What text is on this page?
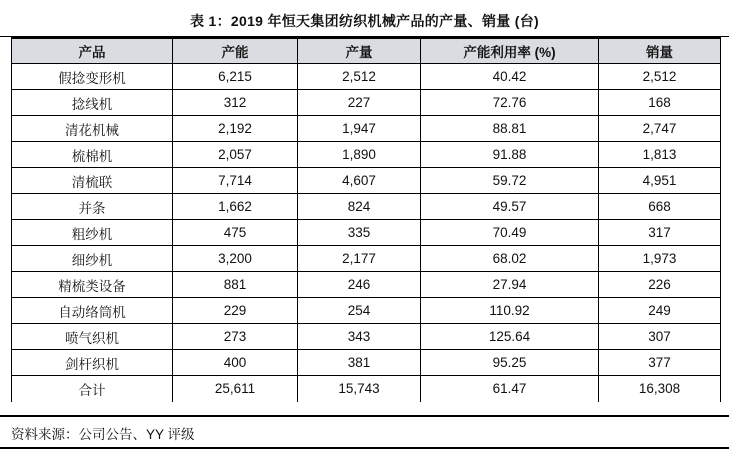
表 1：2019 年恒天集团纺织机械产品的产量、销量 (台)
产品	产能	产量	产能利用率 (%)	销量
假捻变形机	6,215	2,512	40.42	2,512
捻线机	312	227	72.76	168
清花机械	2,192	1,947	88.81	2,747
梳棉机	2,057	1,890	91.88	1,813
清梳联	7,714	4,607	59.72	4,951
并条	1,662	824	49.57	668
粗纱机	475	335	70.49	317
细纱机	3,200	2,177	68.02	1,973
精梳类设备	881	246	27.94	226
自动络筒机	229	254	110.92	249
喷气织机	273	343	125.64	307
剑杆织机	400	381	95.25	377
合计	25,611	15,743	61.47	16,308
资料来源：公司公告、YY 评级
